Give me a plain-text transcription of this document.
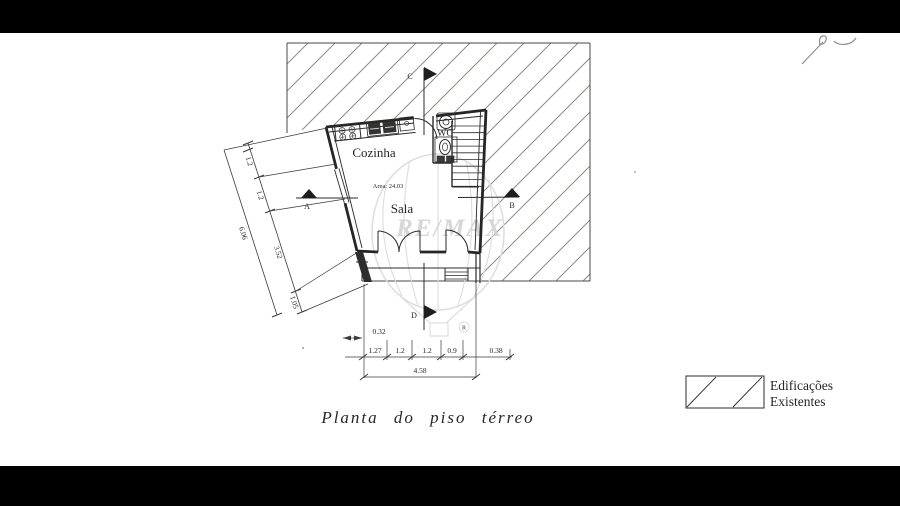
R
RE/MAX
A	B
C
D
1.2
1.2
3.52
1.05
6.06
1.27 1.2 1.2 0.9	0.38
4.58
0.32
Cozinha
Sala
WC
Area: 24.03
Planta do piso térreo
Edificações
Existentes
